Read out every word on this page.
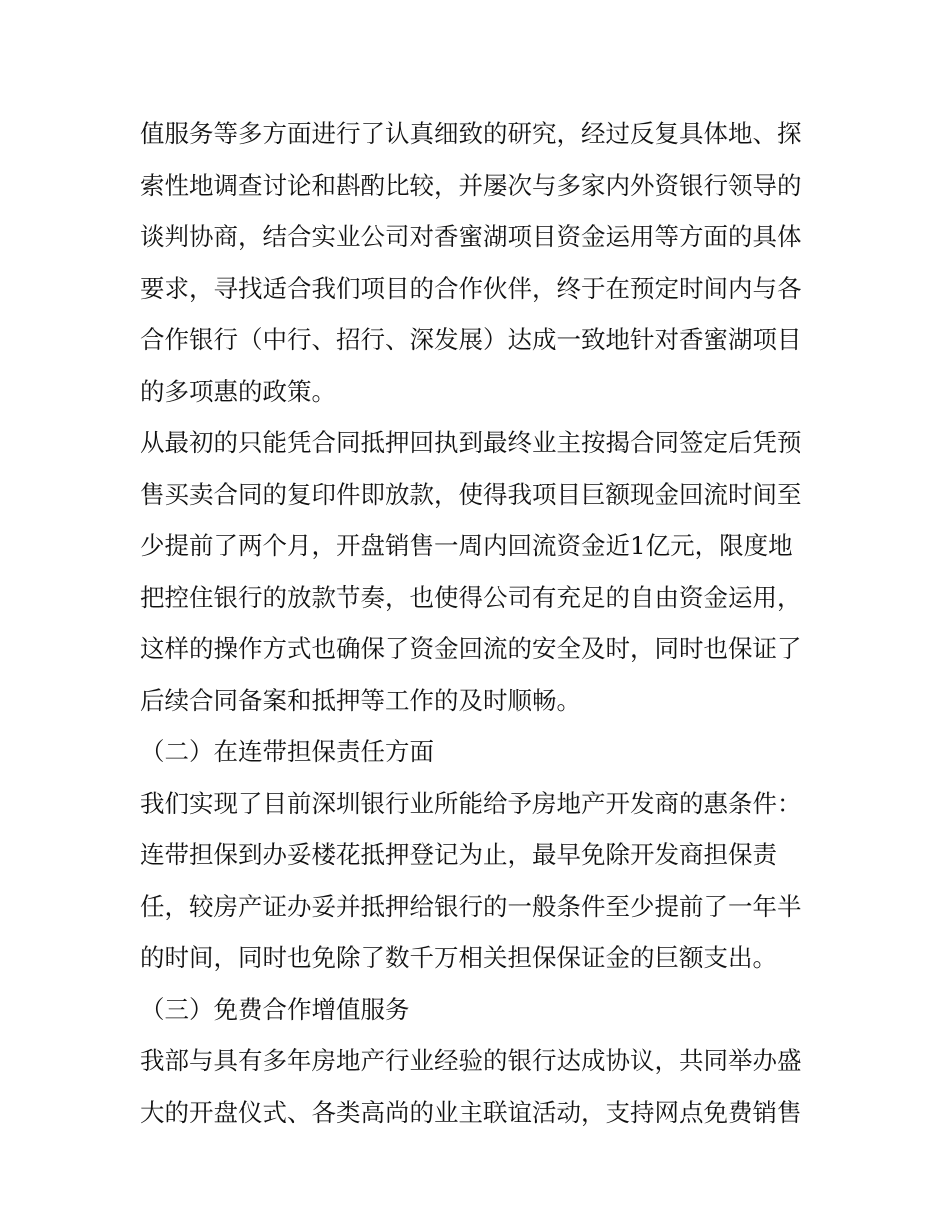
值服务等多方面进行了认真细致的研究，经过反复具体地、探
索性地调查讨论和斟酌比较，并屡次与多家内外资银行领导的
谈判协商，结合实业公司对香蜜湖项目资金运用等方面的具体
要求，寻找适合我们项目的合作伙伴，终于在预定时间内与各
合作银行（中行、招行、深发展）达成一致地针对香蜜湖项目
的多项惠的政策。
从最初的只能凭合同抵押回执到最终业主按揭合同签定后凭预
售买卖合同的复印件即放款，使得我项目巨额现金回流时间至
少提前了两个月，开盘销售一周内回流资金近1亿元，限度地
把控住银行的放款节奏，也使得公司有充足的自由资金运用，
这样的操作方式也确保了资金回流的安全及时，同时也保证了
后续合同备案和抵押等工作的及时顺畅。
（二）在连带担保责任方面
我们实现了目前深圳银行业所能给予房地产开发商的惠条件：
连带担保到办妥楼花抵押登记为止，最早免除开发商担保责
任，较房产证办妥并抵押给银行的一般条件至少提前了一年半
的时间，同时也免除了数千万相关担保保证金的巨额支出。
（三）免费合作增值服务
我部与具有多年房地产行业经验的银行达成协议，共同举办盛
大的开盘仪式、各类高尚的业主联谊活动，支持网点免费销售
